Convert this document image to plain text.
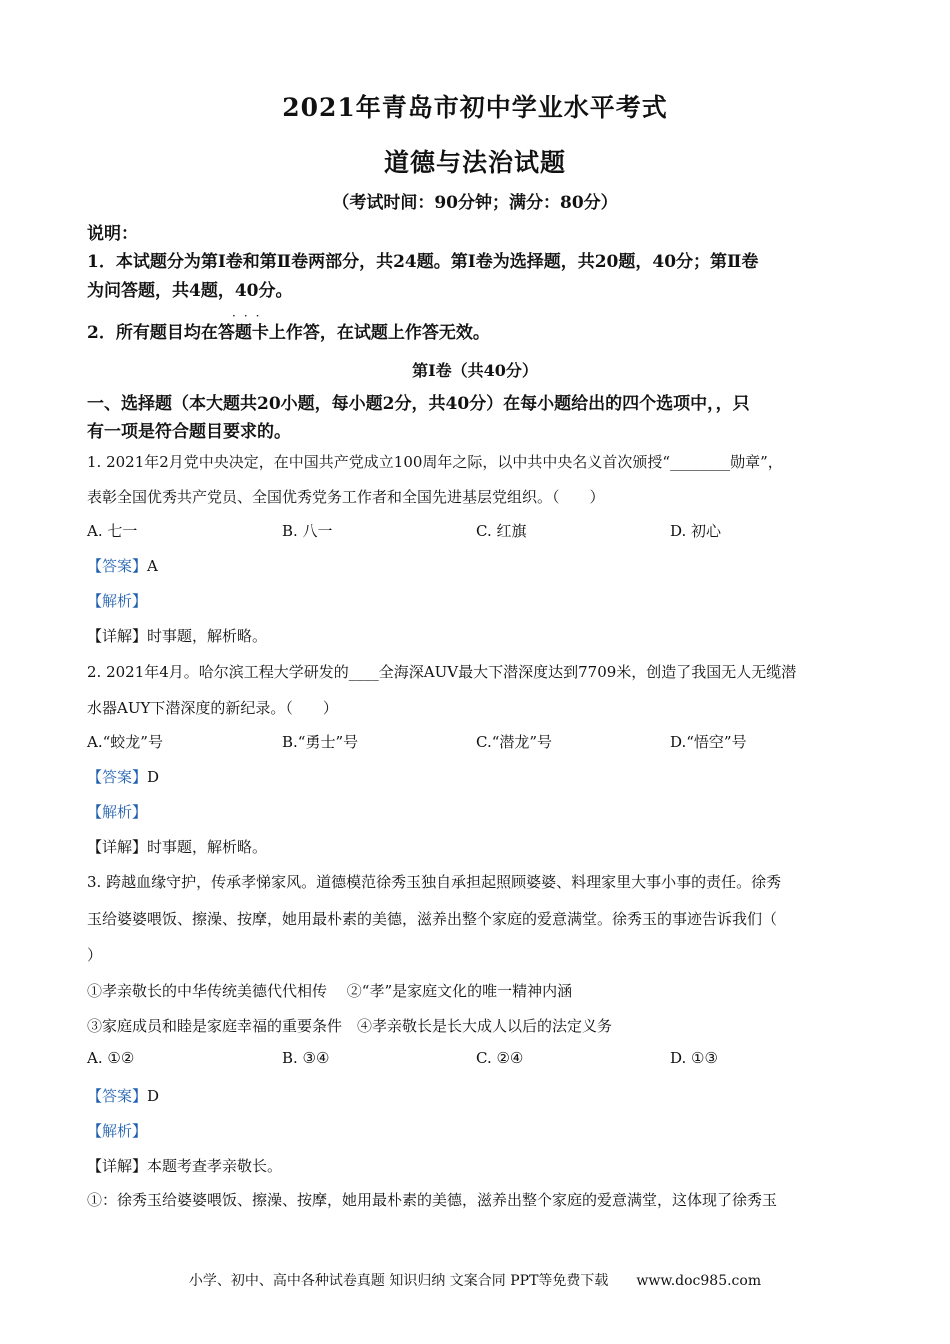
2021年青岛市初中学业水平考式
道德与法治试题
（考试时间：90分钟；满分：80分）
说明：
1．本试题分为第Ⅰ卷和第Ⅱ卷两部分，共24题。第Ⅰ卷为选择题，共20题，40分；第Ⅱ卷
为问答题，共4题，40分。
···
2．所有题目均在答题卡上作答，在试题上作答无效。
第I卷（共40分）
一、选择题（本大题共20小题，每小题2分，共40分）在每小题给出的四个选项中，，只
有一项是符合题目要求的。
1. 2021年2月党中央决定，在中国共产党成立100周年之际，以中共中央名义首次颁授“________勋章”，
表彰全国优秀共产党员、全国优秀党务工作者和全国先进基层党组织。（　　）
A. 七一	B. 八一	C. 红旗	D. 初心
【答案】A
【解析】
【详解】时事题，解析略。
2. 2021年4月。哈尔滨工程大学研发的____全海深AUV最大下潜深度达到7709米，创造了我国无人无缆潜
水器AUY下潜深度的新纪录。（　　）
A.“蛟龙”号	B.“勇士”号	C.“潜龙”号	D.“悟空”号
【答案】D
【解析】
【详解】时事题，解析略。
3. 跨越血缘守护，传承孝悌家风。道德模范徐秀玉独自承担起照顾婆婆、料理家里大事小事的责任。徐秀
玉给婆婆喂饭、擦澡、按摩，她用最朴素的美德，滋养出整个家庭的爱意满堂。徐秀玉的事迹告诉我们（
）
①孝亲敬长的中华传统美德代代相传　 ②“孝”是家庭文化的唯一精神内涵
③家庭成员和睦是家庭幸福的重要条件　④孝亲敬长是长大成人以后的法定义务
A. ①②	B. ③④	C. ②④	D. ①③
【答案】D
【解析】
【详解】本题考查孝亲敬长。
①：徐秀玉给婆婆喂饭、擦澡、按摩，她用最朴素的美德，滋养出整个家庭的爱意满堂，这体现了徐秀玉
小学、初中、高中各种试卷真题 知识归纳 文案合同 PPT等免费下载　　www.doc985.com
